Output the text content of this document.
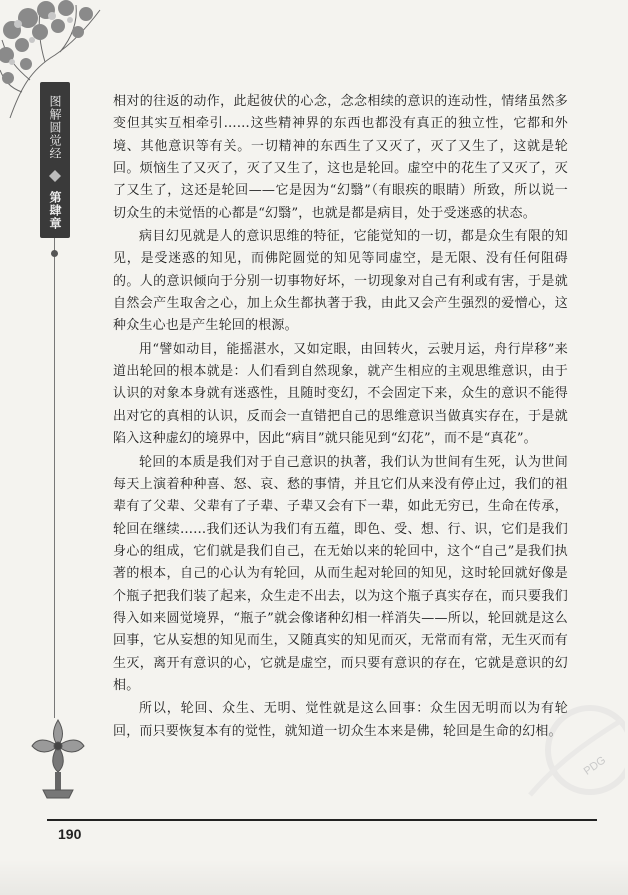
图解圆觉经
第肆章

相对的往返的动作，此起彼伏的心念，念念相续的意识的连动性，情绪虽然多变但其实互相牵引……这些精神界的东西也都没有真正的独立性，它都和外境、其他意识等有关。一切精神的东西生了又灭了，灭了又生了，这就是轮回。烦恼生了又灭了，灭了又生了，这也是轮回。虚空中的花生了又灭了，灭了又生了，这还是轮回——它是因为“幻翳”（有眼疾的眼睛）所致，所以说一切众生的未觉悟的心都是“幻翳”，也就是都是病目，处于受迷惑的状态。

病目幻见就是人的意识思维的特征，它能觉知的一切，都是众生有限的知见，是受迷惑的知见，而佛陀圆觉的知见等同虚空，是无限、没有任何阻碍的。人的意识倾向于分别一切事物好坏，一切现象对自己有利或有害，于是就自然会产生取舍之心，加上众生都执著于我，由此又会产生强烈的爱憎心，这种众生心也是产生轮回的根源。

用“譬如动目，能摇湛水，又如定眼，由回转火，云驶月运，舟行岸移”来道出轮回的根本就是：人们看到自然现象，就产生相应的主观思维意识，由于认识的对象本身就有迷惑性，且随时变幻，不会固定下来，众生的意识不能得出对它的真相的认识，反而会一直错把自己的思维意识当做真实存在，于是就陷入这种虚幻的境界中，因此“病目”就只能见到“幻花”，而不是“真花”。

轮回的本质是我们对于自己意识的执著，我们认为世间有生死，认为世间每天上演着种种喜、怒、哀、愁的事情，并且它们从来没有停止过，我们的祖辈有了父辈、父辈有了子辈、子辈又会有下一辈，如此无穷已，生命在传承，轮回在继续……我们还认为我们有五蕴，即色、受、想、行、识，它们是我们身心的组成，它们就是我们自己，在无始以来的轮回中，这个“自己”是我们执著的根本，自己的心认为有轮回，从而生起对轮回的知见，这时轮回就好像是个瓶子把我们装了起来，众生走不出去，以为这个瓶子真实存在，而只要我们得入如来圆觉境界，“瓶子”就会像诸种幻相一样消失——所以，轮回就是这么回事，它从妄想的知见而生，又随真实的知见而灭，无常而有常，无生灭而有生灭，离开有意识的心，它就是虚空，而只要有意识的存在，它就是意识的幻相。

所以，轮回、众生、无明、觉性就是这么回事：众生因无明而以为有轮回，而只要恢复本有的觉性，就知道一切众生本来是佛，轮回是生命的幻相。

PDG
190
